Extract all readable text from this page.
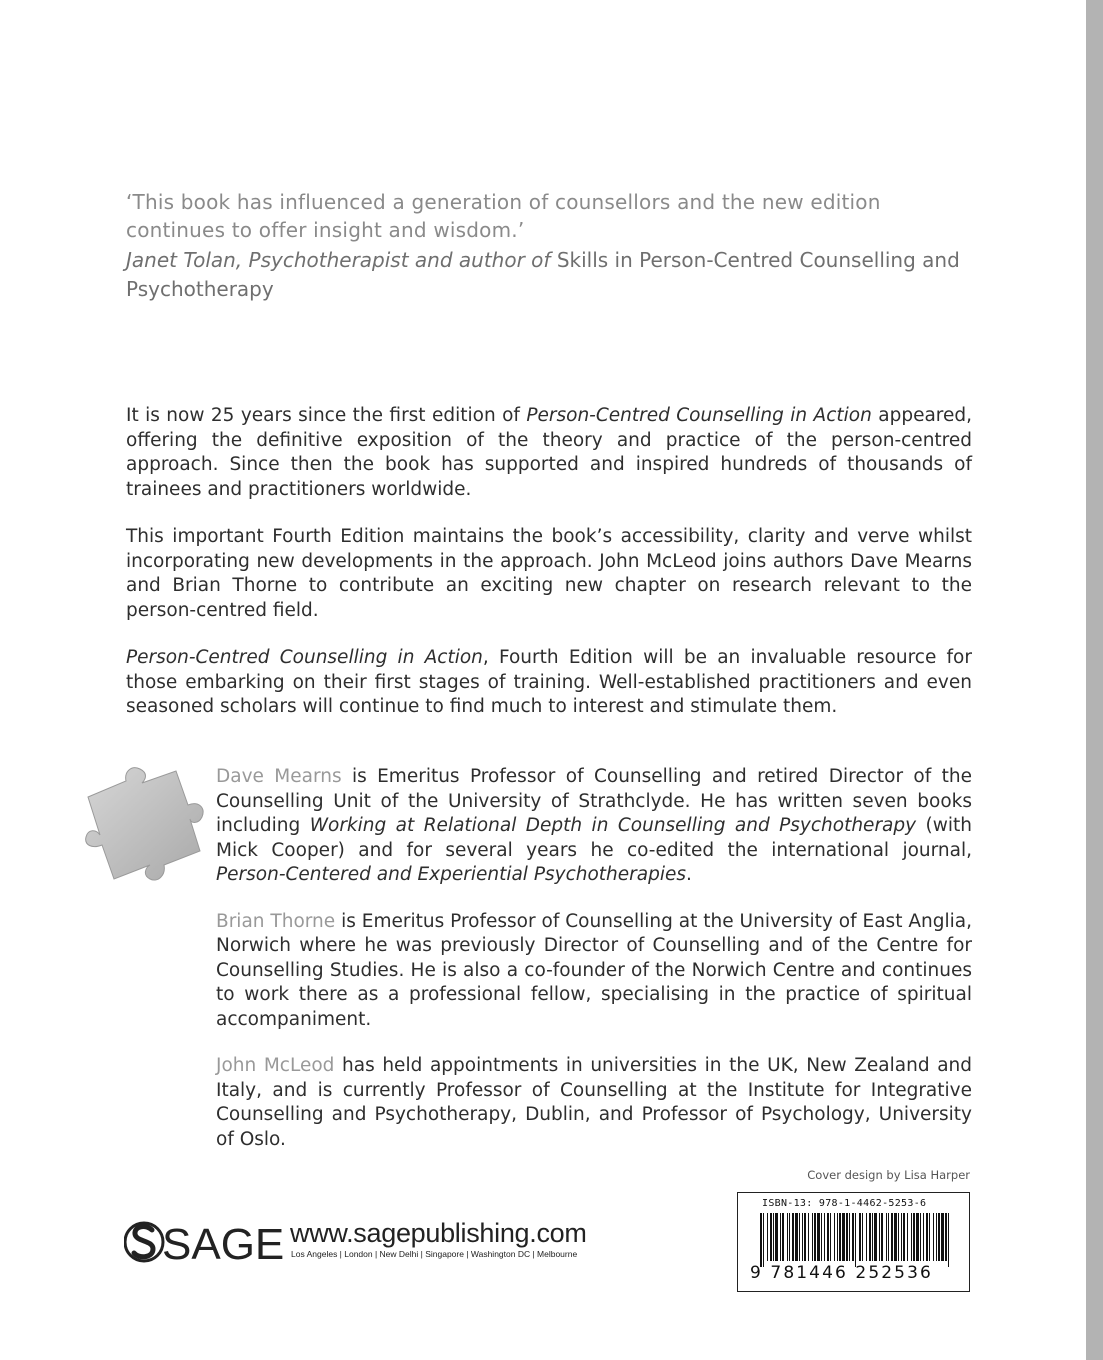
‘This book has influenced a generation of counsellors and the new edition continues to offer insight and wisdom.’

Janet Tolan, Psychotherapist and author of Skills in Person-Centred Counselling and Psychotherapy

It is now 25 years since the first edition of Person-Centred Counselling in Action appeared, offering the definitive exposition of the theory and practice of the person-centred approach. Since then the book has supported and inspired hundreds of thousands of trainees and practitioners worldwide.

This important Fourth Edition maintains the book’s accessibility, clarity and verve whilst incorporating new developments in the approach. John McLeod joins authors Dave Mearns and Brian Thorne to contribute an exciting new chapter on research relevant to the person-centred field.

Person-Centred Counselling in Action, Fourth Edition will be an invaluable resource for those embarking on their first stages of training. Well-established practitioners and even seasoned scholars will continue to find much to interest and stimulate them.

Dave Mearns is Emeritus Professor of Counselling and retired Director of the Counselling Unit of the University of Strathclyde. He has written seven books including Working at Relational Depth in Counselling and Psychotherapy (with Mick Cooper) and for several years he co-edited the international journal, Person-Centered and Experiential Psychotherapies.

Brian Thorne is Emeritus Professor of Counselling at the University of East Anglia, Norwich where he was previously Director of Counselling and of the Centre for Counselling Studies. He is also a co-founder of the Norwich Centre and continues to work there as a professional fellow, specialising in the practice of spiritual accompaniment.

John McLeod has held appointments in universities in the UK, New Zealand and Italy, and is currently Professor of Counselling at the Institute for Integrative Counselling and Psychotherapy, Dublin, and Professor of Psychology, University of Oslo.

Cover design by Lisa Harper
ISBN-13: 978-1-4462-5253-6
9 781446 252536
SAGE www.sagepublishing.com
Los Angeles | London | New Delhi | Singapore | Washington DC | Melbourne
